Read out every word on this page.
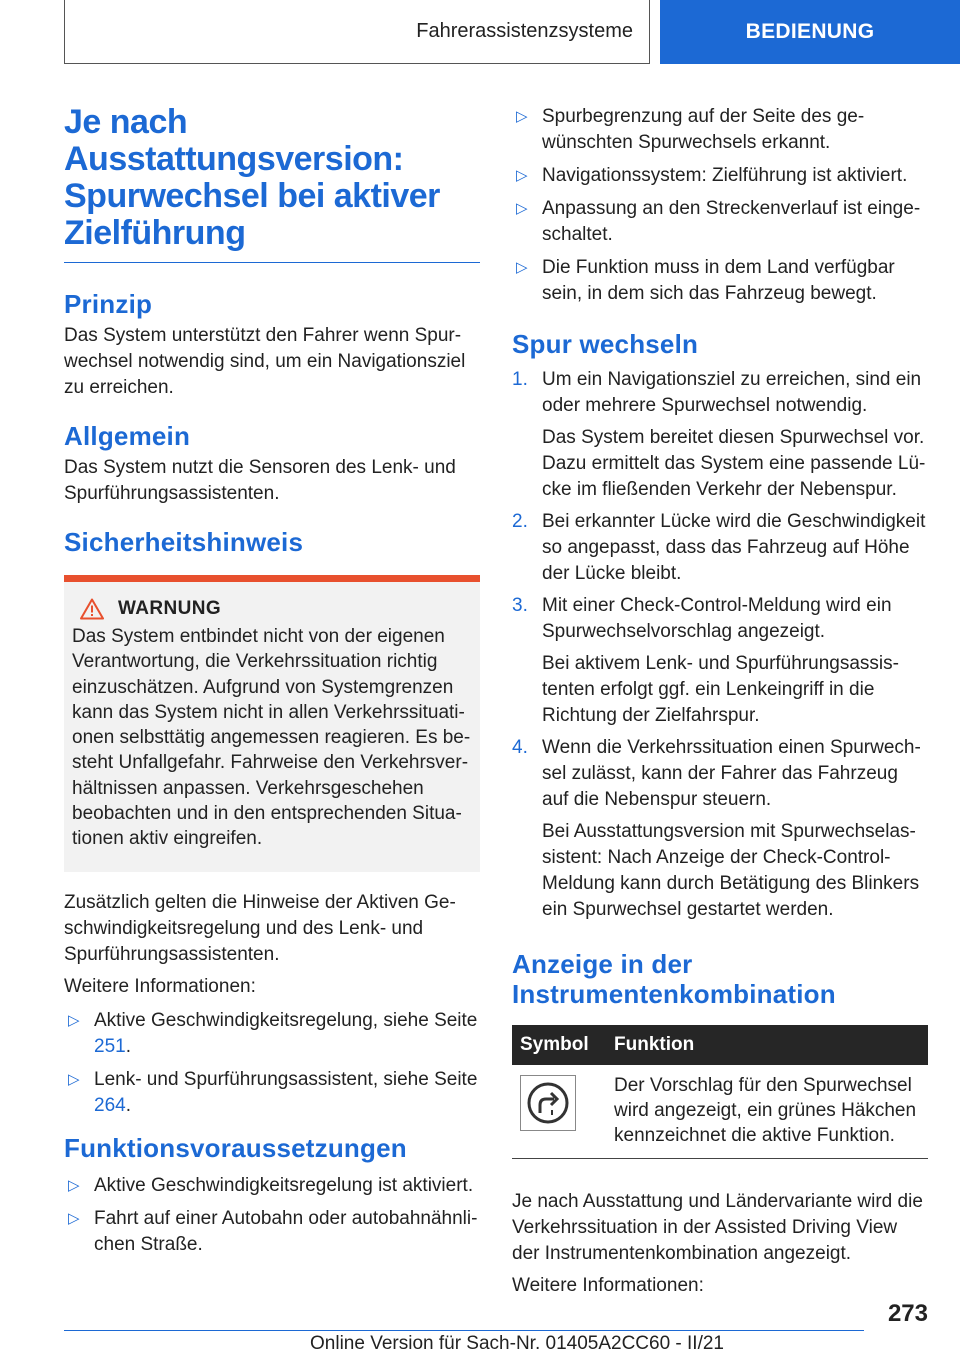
Fahrerassistenzsysteme	BEDIENUNG
Je nach Ausstattungsversion: Spurwechsel bei aktiver Zielführung
Prinzip

Das System unterstützt den Fahrer wenn Spurwechsel notwendig sind, um ein Navigationsziel zu erreichen.

Allgemein

Das System nutzt die Sensoren des Lenk- und Spurführungsassistenten.

Sicherheitshinweis
WARNUNG

Das System entbindet nicht von der eigenen Verantwortung, die Verkehrssituation richtig einzuschätzen. Aufgrund von Systemgrenzen kann das System nicht in allen Verkehrssituationen selbsttätig angemessen reagieren. Es besteht Unfallgefahr. Fahrweise den Verkehrsverhältnissen anpassen. Verkehrsgeschehen beobachten und in den entsprechenden Situationen aktiv eingreifen.

Zusätzlich gelten die Hinweise der Aktiven Geschwindigkeitsregelung und des Lenk- und Spurführungsassistenten.

Weitere Informationen:

▷ Aktive Geschwindigkeitsregelung, siehe Seite 251.
▷ Lenk- und Spurführungsassistent, siehe Seite 264.
Funktionsvoraussetzungen
▷ Aktive Geschwindigkeitsregelung ist aktiviert.
▷ Fahrt auf einer Autobahn oder autobahnähnlichen Straße.
▷ Spurbegrenzung auf der Seite des gewünschten Spurwechsels erkannt.
▷ Navigationssystem: Zielführung ist aktiviert.
▷ Anpassung an den Streckenverlauf ist eingeschaltet.
▷ Die Funktion muss in dem Land verfügbar sein, in dem sich das Fahrzeug bewegt.
Spur wechseln
1. Um ein Navigationsziel zu erreichen, sind ein oder mehrere Spurwechsel notwendig.

Das System bereitet diesen Spurwechsel vor. Dazu ermittelt das System eine passende Lücke im fließenden Verkehr der Nebenspur.

2. Bei erkannter Lücke wird die Geschwindigkeit so angepasst, dass das Fahrzeug auf Höhe der Lücke bleibt.

3. Mit einer Check-Control-Meldung wird ein Spurwechselvorschlag angezeigt.

Bei aktivem Lenk- und Spurführungsassistenten erfolgt ggf. ein Lenkeingriff in die Richtung der Zielfahrspur.

4. Wenn die Verkehrssituation einen Spurwechsel zulässt, kann der Fahrer das Fahrzeug auf die Nebenspur steuern.

Bei Ausstattungsversion mit Spurwechselassistent: Nach Anzeige der Check-Control-Meldung kann durch Betätigung des Blinkers ein Spurwechsel gestartet werden.

Anzeige in der Instrumentenkombination
Symbol	Funktion

	Der Vorschlag für den Spurwechsel wird angezeigt, ein grünes Häkchen kennzeichnet die aktive Funktion.

Je nach Ausstattung und Ländervariante wird die Verkehrssituation in der Assisted Driving View der Instrumentenkombination angezeigt.

Weitere Informationen:

273
Online Version für Sach-Nr. 01405A2CC60 - II/21
